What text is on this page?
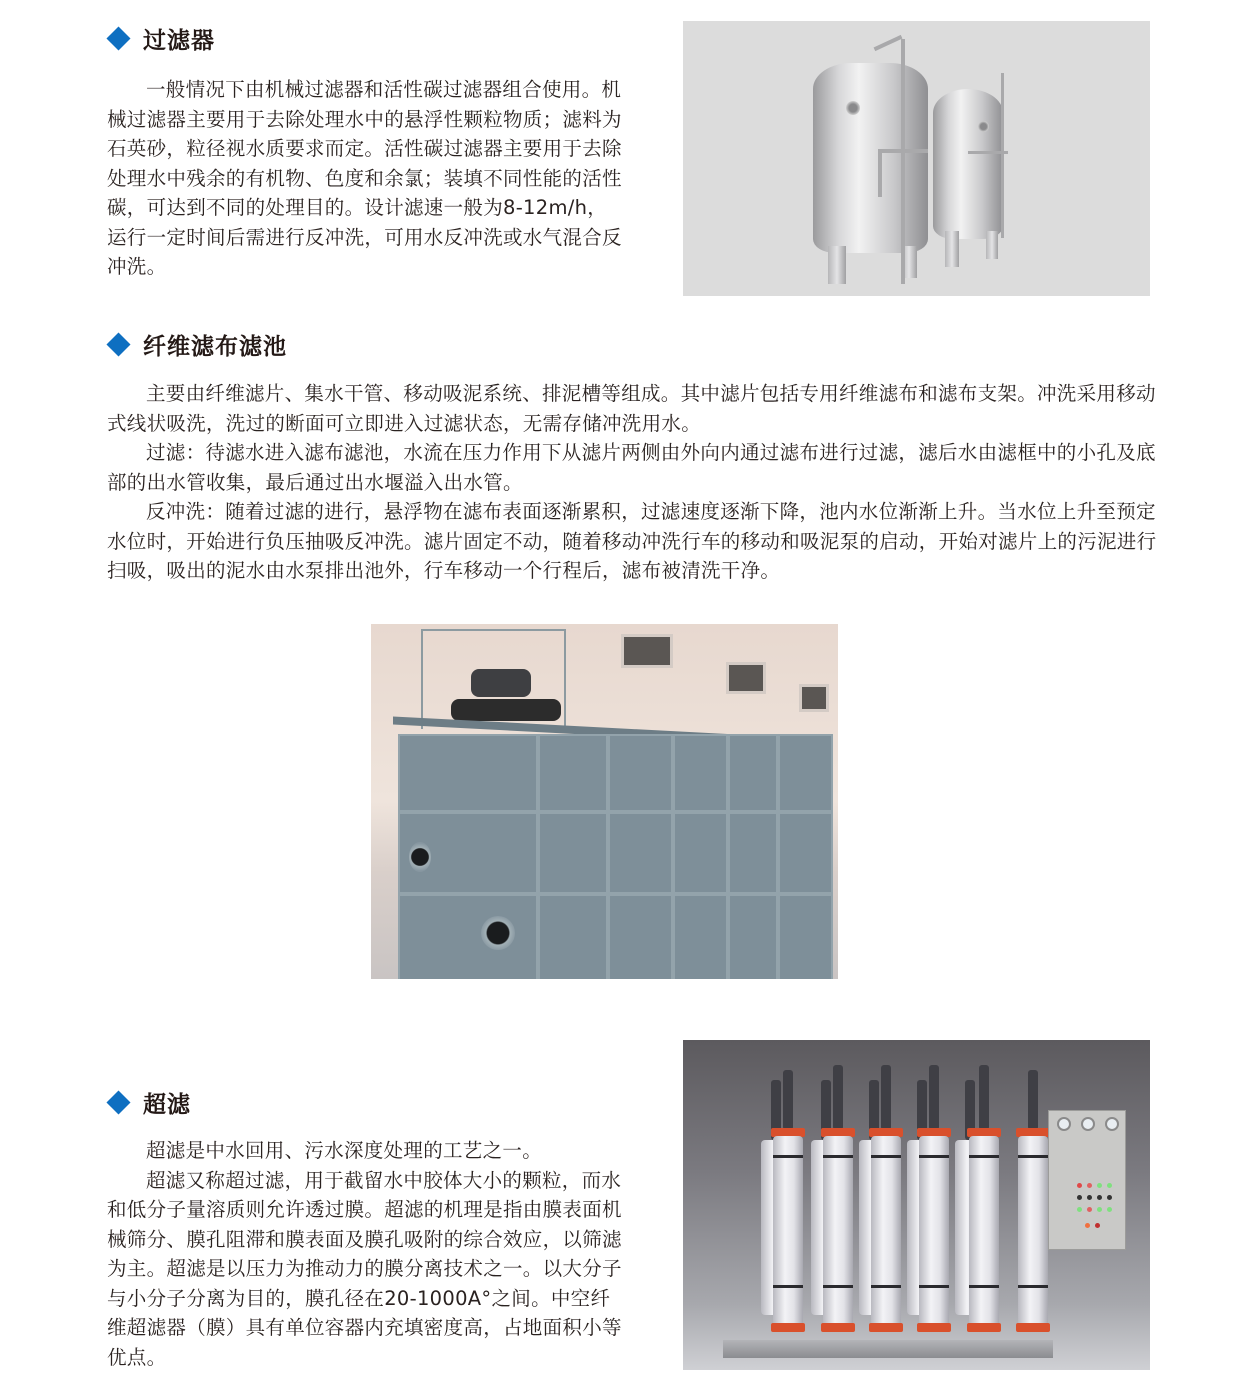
过滤器

一般情况下由机械过滤器和活性碳过滤器组合使用。机械过滤器主要用于去除处理水中的悬浮性颗粒物质；滤料为石英砂，粒径视水质要求而定。活性碳过滤器主要用于去除处理水中残余的有机物、色度和余氯；装填不同性能的活性碳，可达到不同的处理目的。设计滤速一般为8-12m/h，运行一定时间后需进行反冲洗，可用水反冲洗或水气混合反冲洗。

纤维滤布滤池

主要由纤维滤片、集水干管、移动吸泥系统、排泥槽等组成。其中滤片包括专用纤维滤布和滤布支架。冲洗采用移动式线状吸洗，洗过的断面可立即进入过滤状态，无需存储冲洗用水。

过滤：待滤水进入滤布滤池，水流在压力作用下从滤片两侧由外向内通过滤布进行过滤，滤后水由滤框中的小孔及底部的出水管收集，最后通过出水堰溢入出水管。

反冲洗：随着过滤的进行，悬浮物在滤布表面逐渐累积，过滤速度逐渐下降，池内水位渐渐上升。当水位上升至预定水位时，开始进行负压抽吸反冲洗。滤片固定不动，随着移动冲洗行车的移动和吸泥泵的启动，开始对滤片上的污泥进行扫吸，吸出的泥水由水泵排出池外，行车移动一个行程后，滤布被清洗干净。

超滤

超滤是中水回用、污水深度处理的工艺之一。

超滤又称超过滤，用于截留水中胶体大小的颗粒，而水和低分子量溶质则允许透过膜。超滤的机理是指由膜表面机械筛分、膜孔阻滞和膜表面及膜孔吸附的综合效应，以筛滤为主。超滤是以压力为推动力的膜分离技术之一。以大分子与小分子分离为目的，膜孔径在20-1000A°之间。中空纤维超滤器（膜）具有单位容器内充填密度高，占地面积小等优点。
